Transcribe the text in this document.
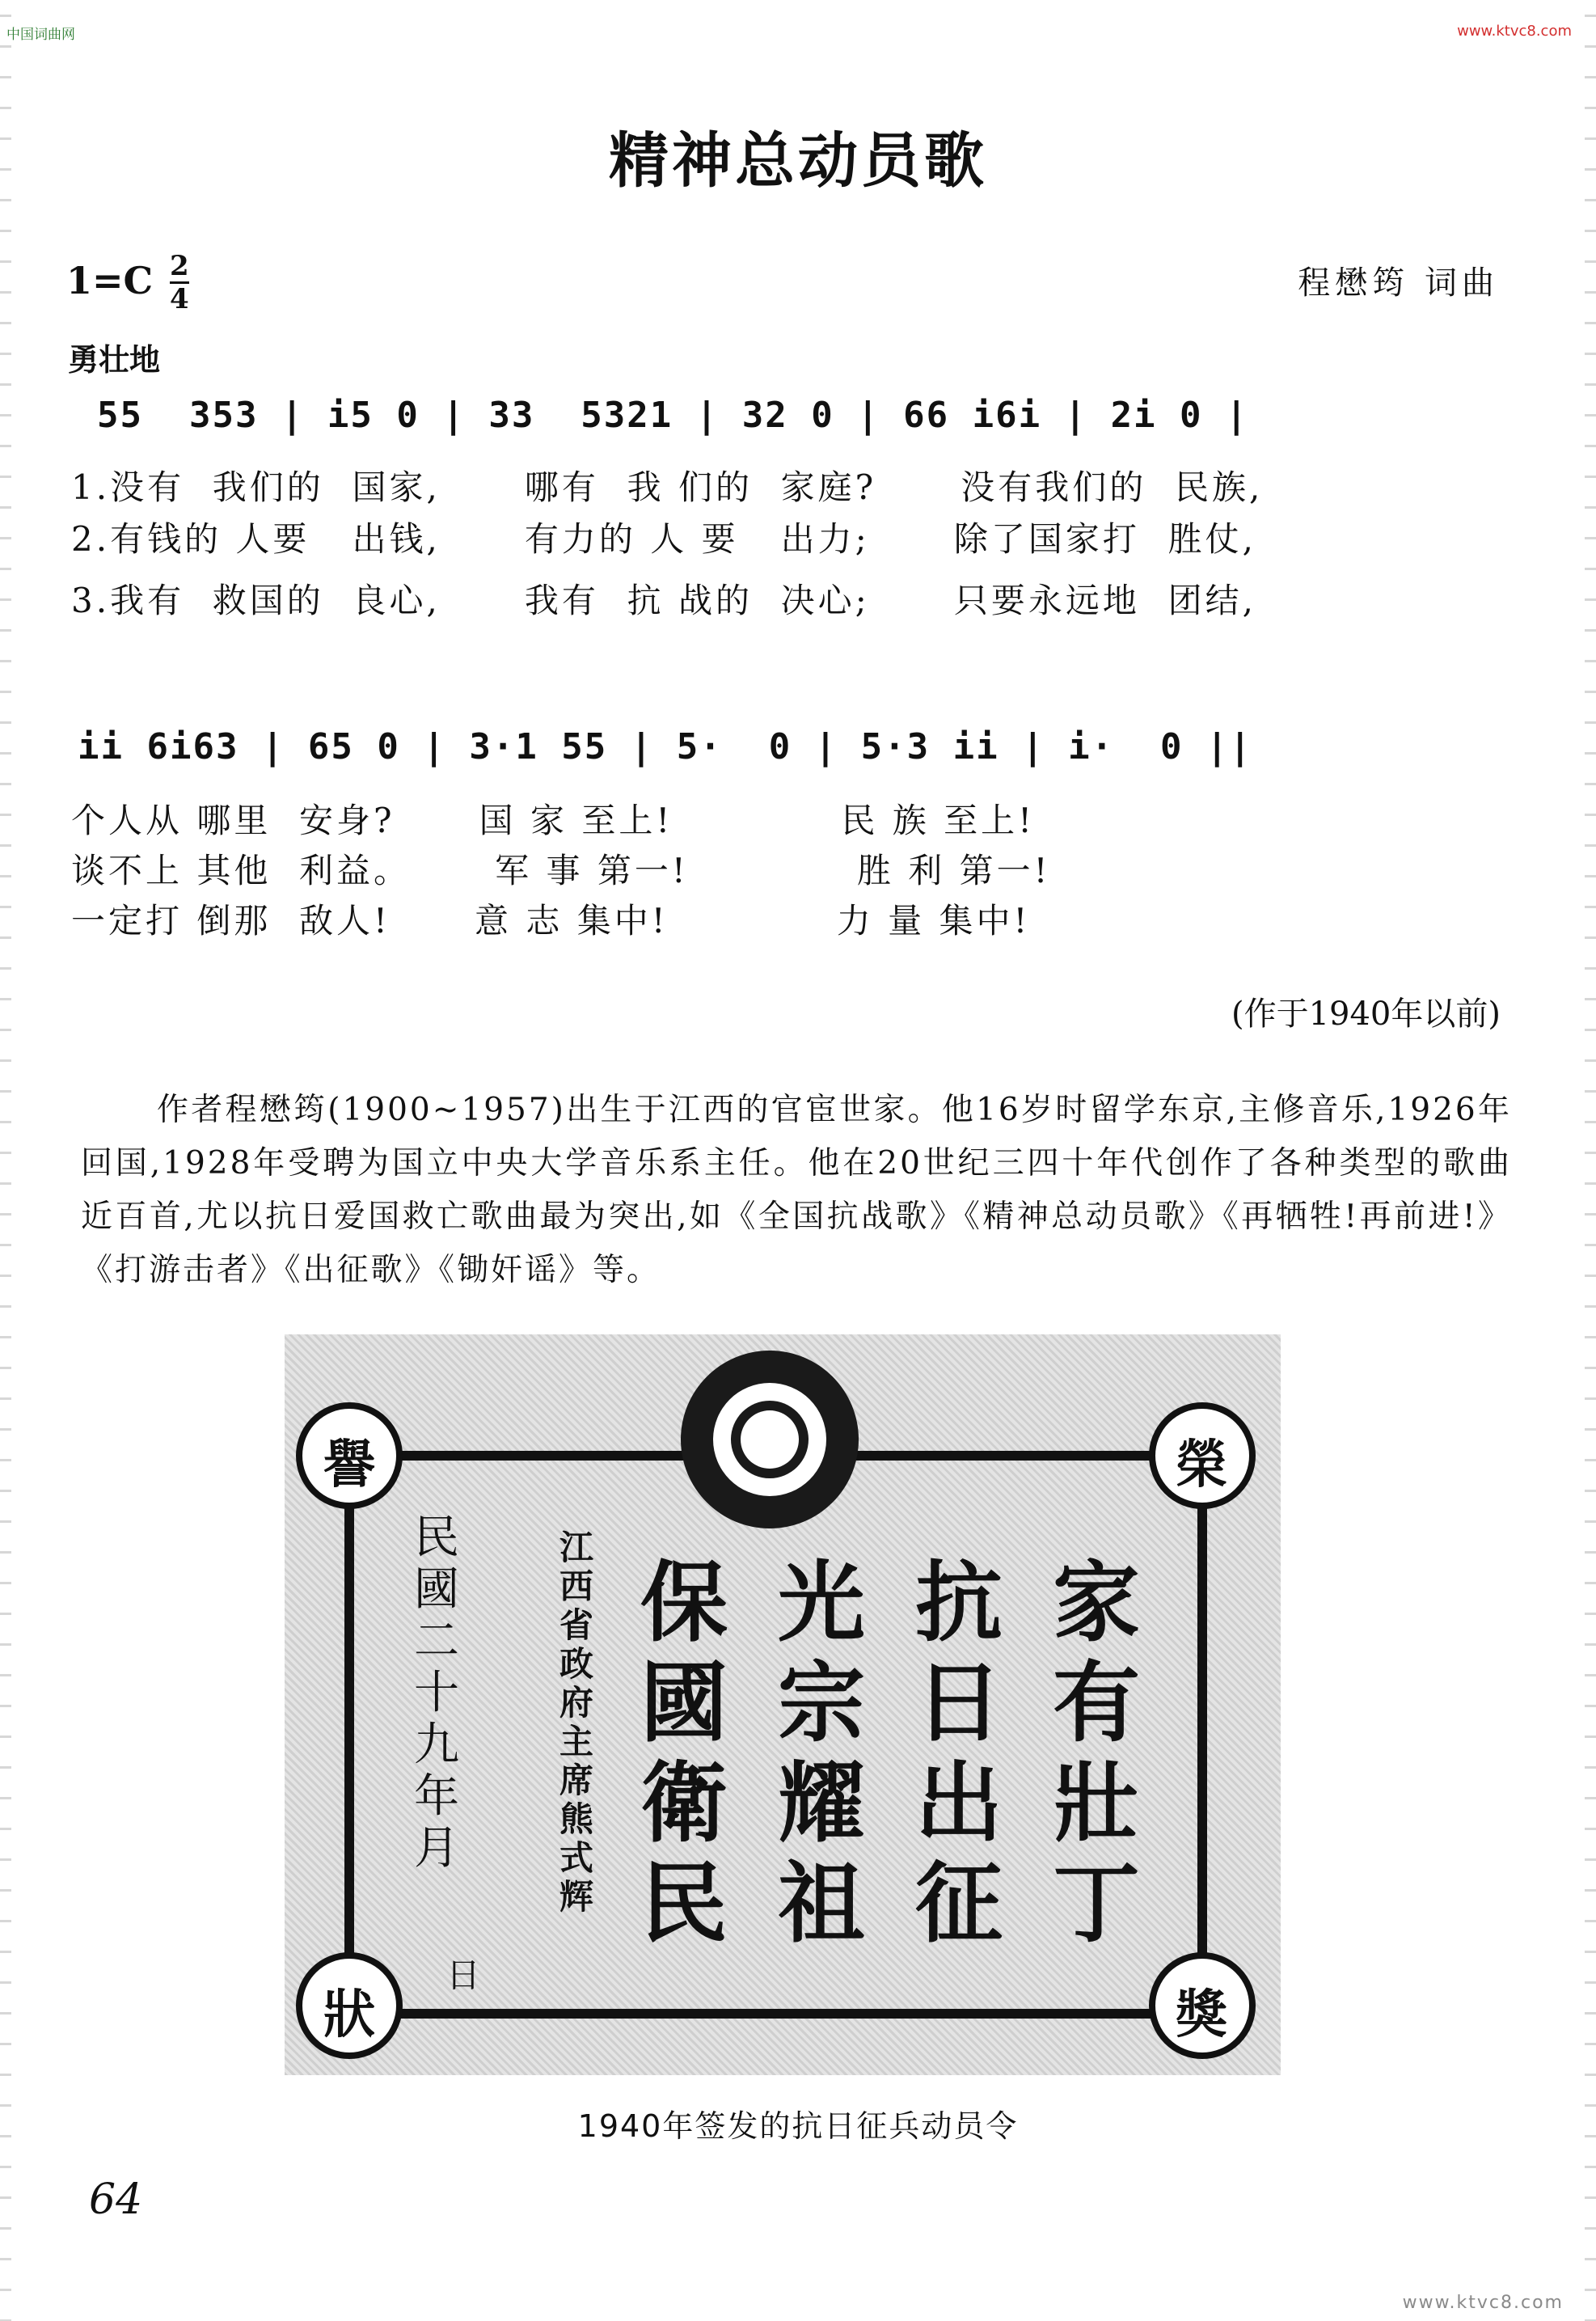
中国词曲网	www.ktvc8.com
精神总动员歌
1=C 2
4	程懋筠 词曲
勇壮地
55  353 | i5 0 | 33  5321 | 32 0 | 66 i6i | 2i 0 |
1.没有  我们的  国家,      哪有  我 们的  家庭?      没有我们的  民族,
2.有钱的 人要   出钱,      有力的 人 要   出力;      除了国家打  胜仗,
3.我有  救国的  良心,      我有  抗 战的  决心;      只要永远地  团结,
ii 6i63 | 65 0 | 3·1 55 | 5·  0 | 5·3 ii | i·  0 ||
个人从 哪里  安身?      国 家 至上!            民 族 至上!
谈不上 其他  利益。      军 事 第一!            胜 利 第一!
一定打 倒那  敌人!      意 志 集中!            力 量 集中!
(作于1940年以前)
作者程懋筠(1900~1957)出生于江西的官宦世家。他16岁时留学东京,主修音乐,1926年回国,1928年受聘为国立中央大学音乐系主任。他在20世纪三四十年代创作了各种类型的歌曲近百首,尤以抗日爱国救亡歌曲最为突出,如《全国抗战歌》《精神总动员歌》《再牺牲!再前进!》《打游击者》《出征歌》《锄奸谣》等。
譽	榮
狀	獎
民國二十九年 月
日
江西省政府主席熊式辉
家有壯丁
抗日出征
光宗耀祖
保國衛民
1940年签发的抗日征兵动员令
64
www.ktvc8.com
